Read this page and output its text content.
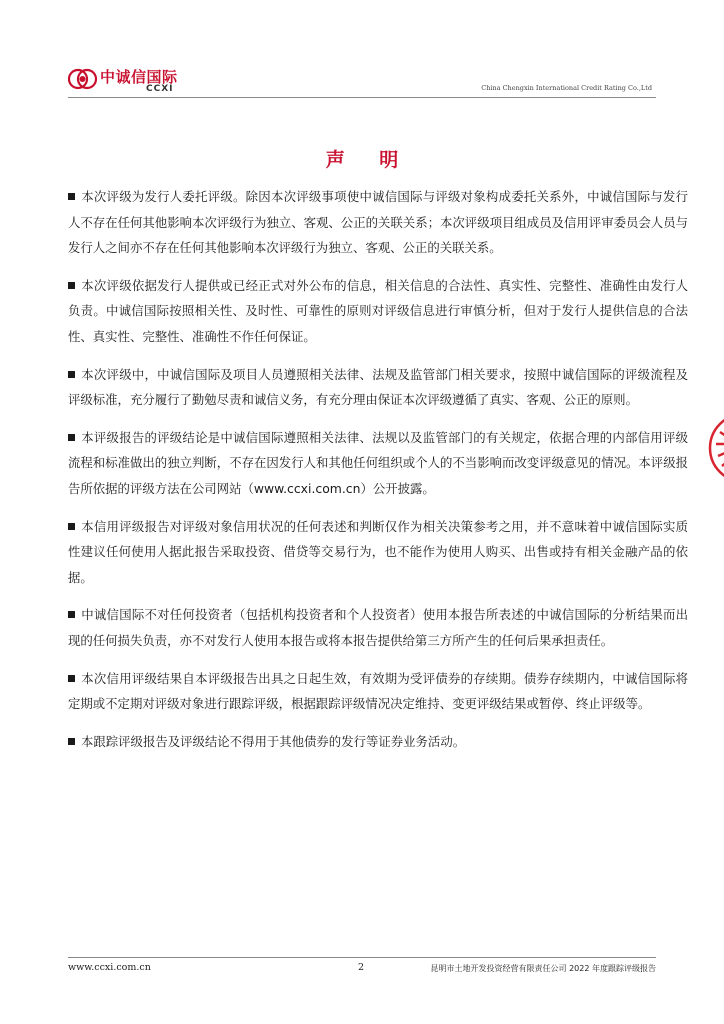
中诚信国际
CCXI	China Chengxin International Credit Rating Co.,Ltd
声 明

本次评级为发行人委托评级。除因本次评级事项使中诚信国际与评级对象构成委托关系外，中诚信国际与发行人不存在任何其他影响本次评级行为独立、客观、公正的关联关系；本次评级项目组成员及信用评审委员会人员与发行人之间亦不存在任何其他影响本次评级行为独立、客观、公正的关联关系。

本次评级依据发行人提供或已经正式对外公布的信息，相关信息的合法性、真实性、完整性、准确性由发行人负责。中诚信国际按照相关性、及时性、可靠性的原则对评级信息进行审慎分析，但对于发行人提供信息的合法性、真实性、完整性、准确性不作任何保证。

本次评级中，中诚信国际及项目人员遵照相关法律、法规及监管部门相关要求，按照中诚信国际的评级流程及评级标准，充分履行了勤勉尽责和诚信义务，有充分理由保证本次评级遵循了真实、客观、公正的原则。

本评级报告的评级结论是中诚信国际遵照相关法律、法规以及监管部门的有关规定，依据合理的内部信用评级流程和标准做出的独立判断，不存在因发行人和其他任何组织或个人的不当影响而改变评级意见的情况。本评级报告所依据的评级方法在公司网站（www.ccxi.com.cn）公开披露。

本信用评级报告对评级对象信用状况的任何表述和判断仅作为相关决策参考之用，并不意味着中诚信国际实质性建议任何使用人据此报告采取投资、借贷等交易行为，也不能作为使用人购买、出售或持有相关金融产品的依据。

中诚信国际不对任何投资者（包括机构投资者和个人投资者）使用本报告所表述的中诚信国际的分析结果而出现的任何损失负责，亦不对发行人使用本报告或将本报告提供给第三方所产生的任何后果承担责任。

本次信用评级结果自本评级报告出具之日起生效，有效期为受评债券的存续期。债券存续期内，中诚信国际将定期或不定期对评级对象进行跟踪评级，根据跟踪评级情况决定维持、变更评级结果或暂停、终止评级等。

本跟踪评级报告及评级结论不得用于其他债券的发行等证券业务活动。

www.ccxi.com.cn	2	昆明市土地开发投资经营有限责任公司 2022 年度跟踪评级报告
